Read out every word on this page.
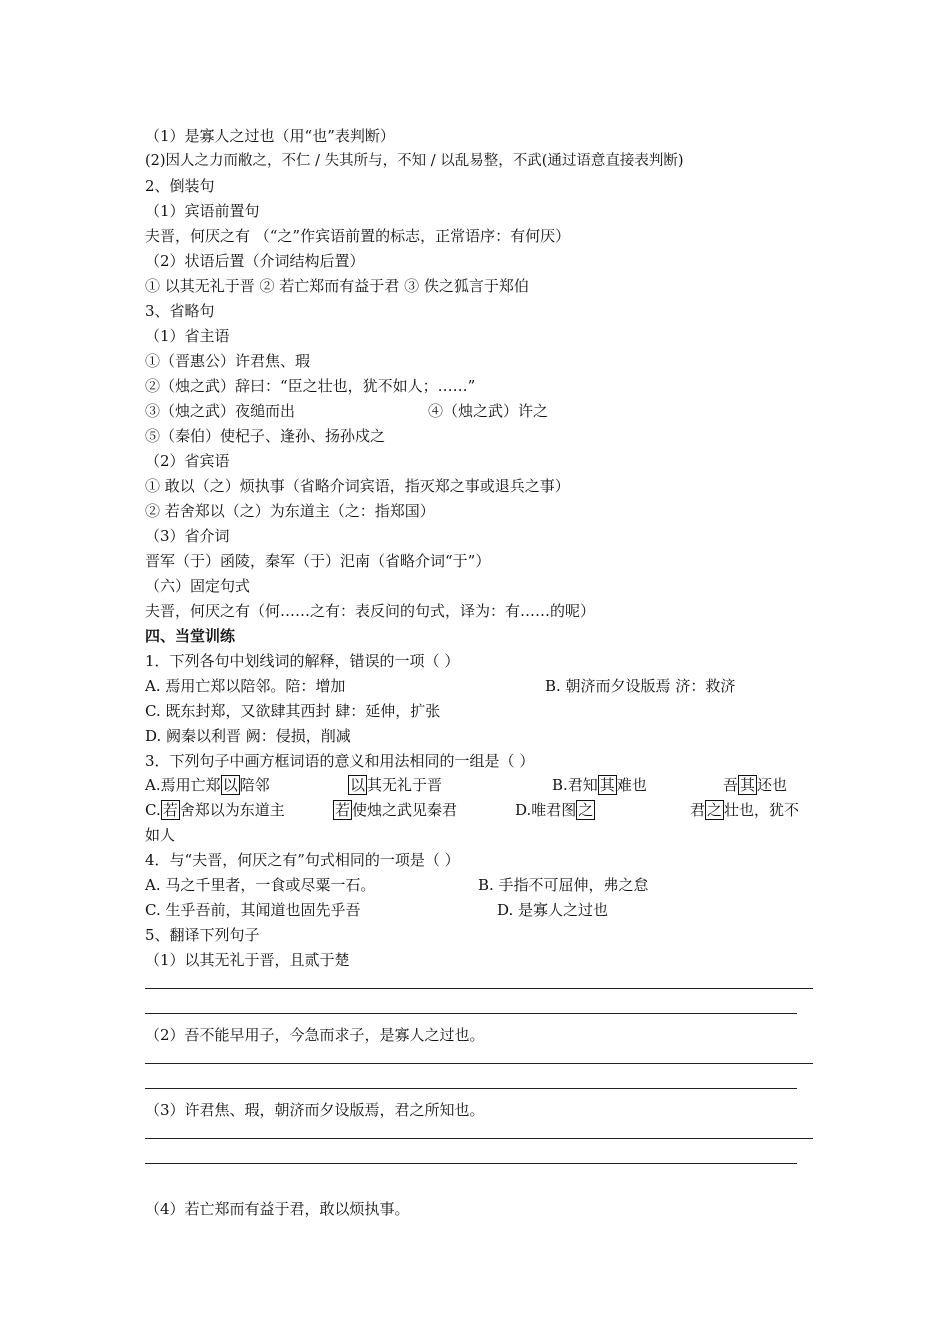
（1）是寡人之过也（用“也”表判断）
(2)因人之力而敝之，不仁 / 失其所与，不知 / 以乱易整，不武(通过语意直接表判断)
2、倒装句
（1）宾语前置句
夫晋，何厌之有 （“之”作宾语前置的标志，正常语序：有何厌）
（2）状语后置（介词结构后置）
① 以其无礼于晋 ② 若亡郑而有益于君 ③ 佚之狐言于郑伯
3、省略句
（1）省主语
①（晋惠公）许君焦、瑕
②（烛之武）辞曰：“臣之壮也，犹不如人；……”
③（烛之武）夜缒而出	④（烛之武）许之
⑤（秦伯）使杞子、逢孙、扬孙戍之
（2）省宾语
① 敢以（之）烦执事（省略介词宾语，指灭郑之事或退兵之事）
② 若舍郑以（之）为东道主（之：指郑国）
（3）省介词
晋军（于）函陵，秦军（于）汜南（省略介词“于”）
（六）固定句式
夫晋，何厌之有（何……之有：表反问的句式，译为：有……的呢）
四、当堂训练
1．下列各句中划线词的解释，错误的一项（ ）
A. 焉用亡郑以陪邻。陪：增加	B. 朝济而夕设版焉 济：救济
C. 既东封郑，又欲肆其西封 肆：延伸，扩张
D. 阙秦以利晋 阙：侵损，削减
3．下列句子中画方框词语的意义和用法相同的一组是（ ）
A.焉用亡郑 以 陪邻	以 其无礼于晋	B.君知 其 难也	吾 其 还也
C. 若 舍郑以为东道主	若 使烛之武见秦君	D.唯君图 之	君 之 壮也，犹不
如人
4．与“夫晋，何厌之有”句式相同的一项是（ ）
A. 马之千里者，一食或尽粟一石。	B. 手指不可屈伸，弗之怠
C. 生乎吾前，其闻道也固先乎吾	D. 是寡人之过也
5、翻译下列句子
（1）以其无礼于晋，且贰于楚
（2）吾不能早用子，今急而求子，是寡人之过也。
（3）许君焦、瑕，朝济而夕设版焉，君之所知也。
（4）若亡郑而有益于君，敢以烦执事。
